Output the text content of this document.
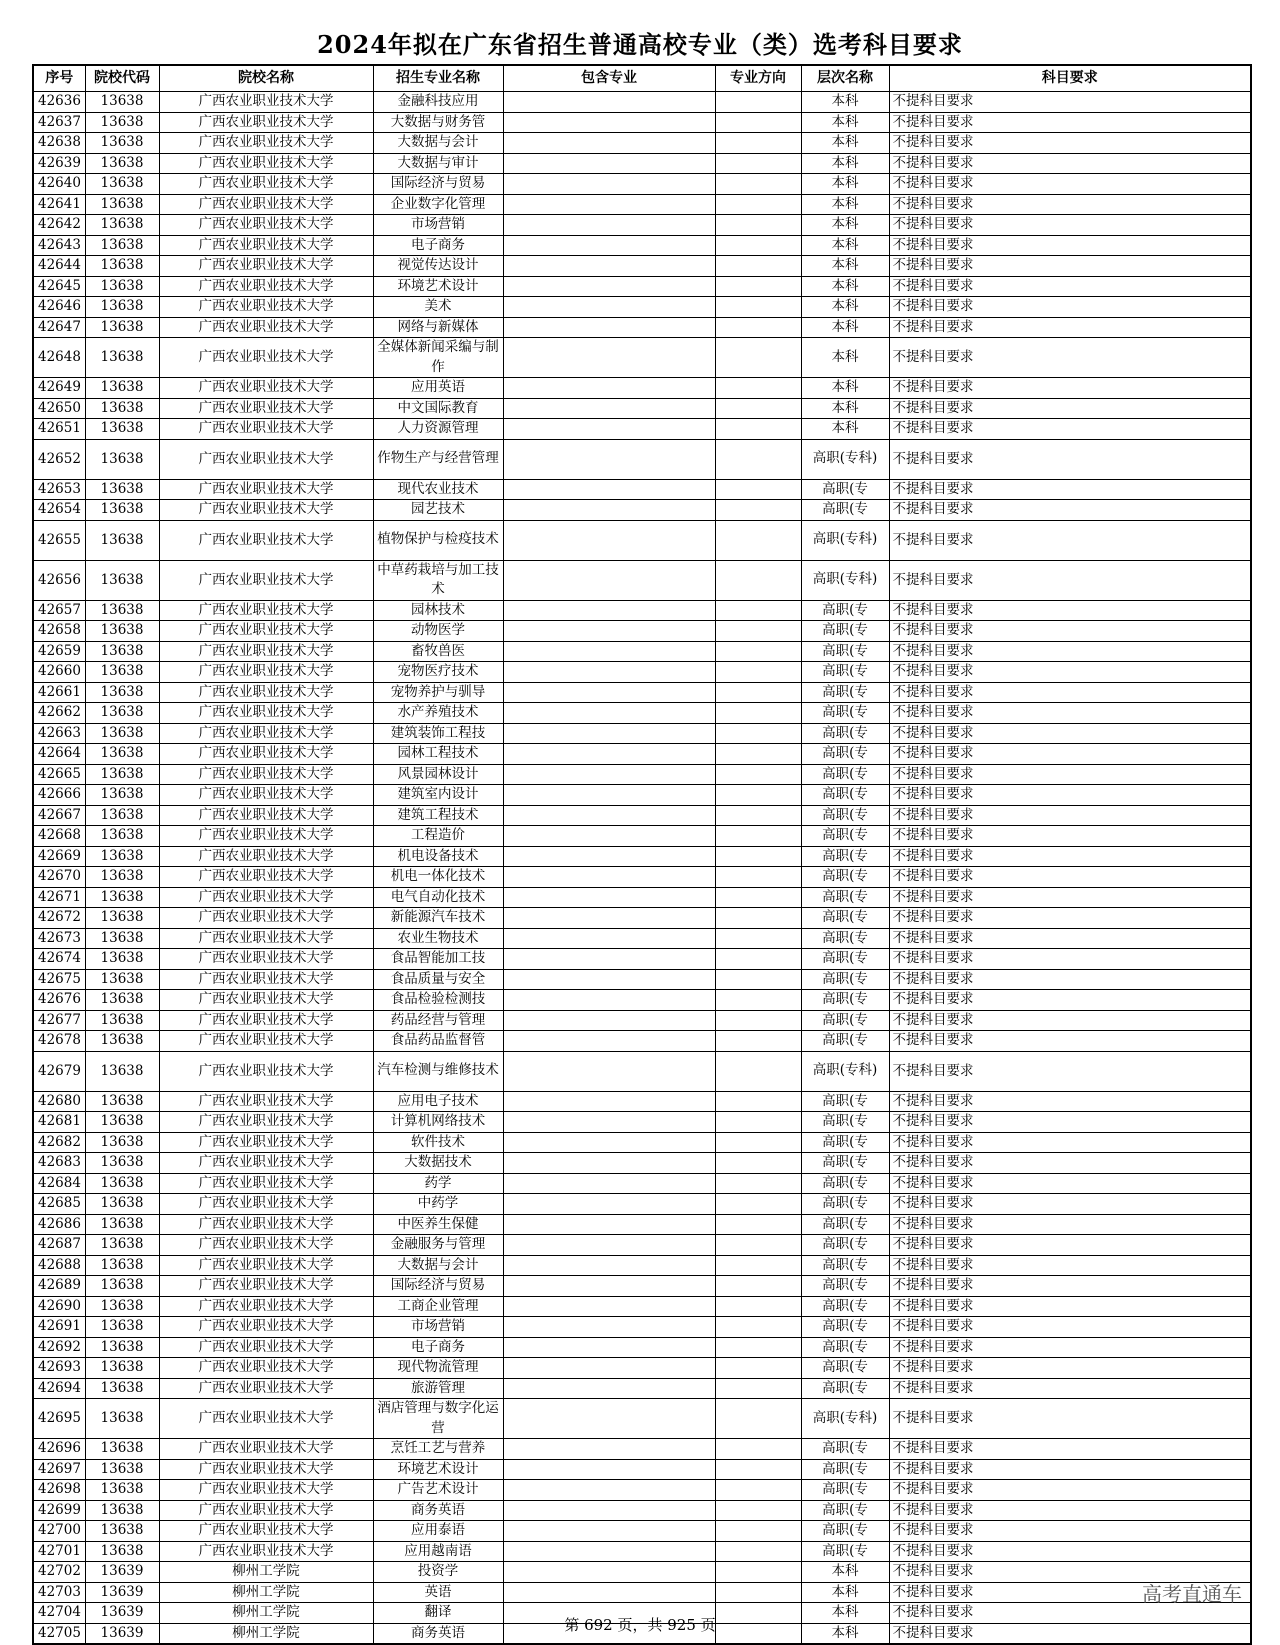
2024年拟在广东省招生普通高校专业（类）选考科目要求
序号	院校代码	院校名称	招生专业名称	包含专业	专业方向	层次名称	科目要求
42636	13638	广西农业职业技术大学	金融科技应用			本科	不提科目要求
42637	13638	广西农业职业技术大学	大数据与财务管			本科	不提科目要求
42638	13638	广西农业职业技术大学	大数据与会计			本科	不提科目要求
42639	13638	广西农业职业技术大学	大数据与审计			本科	不提科目要求
42640	13638	广西农业职业技术大学	国际经济与贸易			本科	不提科目要求
42641	13638	广西农业职业技术大学	企业数字化管理			本科	不提科目要求
42642	13638	广西农业职业技术大学	市场营销			本科	不提科目要求
42643	13638	广西农业职业技术大学	电子商务			本科	不提科目要求
42644	13638	广西农业职业技术大学	视觉传达设计			本科	不提科目要求
42645	13638	广西农业职业技术大学	环境艺术设计			本科	不提科目要求
42646	13638	广西农业职业技术大学	美术			本科	不提科目要求
42647	13638	广西农业职业技术大学	网络与新媒体			本科	不提科目要求
42648	13638	广西农业职业技术大学	全媒体新闻采编与制作			本科	不提科目要求
42649	13638	广西农业职业技术大学	应用英语			本科	不提科目要求
42650	13638	广西农业职业技术大学	中文国际教育			本科	不提科目要求
42651	13638	广西农业职业技术大学	人力资源管理			本科	不提科目要求
42652	13638	广西农业职业技术大学	作物生产与经营管理			高职(专科)	不提科目要求
42653	13638	广西农业职业技术大学	现代农业技术			高职(专	不提科目要求
42654	13638	广西农业职业技术大学	园艺技术			高职(专	不提科目要求
42655	13638	广西农业职业技术大学	植物保护与检疫技术			高职(专科)	不提科目要求
42656	13638	广西农业职业技术大学	中草药栽培与加工技术			高职(专科)	不提科目要求
42657	13638	广西农业职业技术大学	园林技术			高职(专	不提科目要求
42658	13638	广西农业职业技术大学	动物医学			高职(专	不提科目要求
42659	13638	广西农业职业技术大学	畜牧兽医			高职(专	不提科目要求
42660	13638	广西农业职业技术大学	宠物医疗技术			高职(专	不提科目要求
42661	13638	广西农业职业技术大学	宠物养护与驯导			高职(专	不提科目要求
42662	13638	广西农业职业技术大学	水产养殖技术			高职(专	不提科目要求
42663	13638	广西农业职业技术大学	建筑装饰工程技			高职(专	不提科目要求
42664	13638	广西农业职业技术大学	园林工程技术			高职(专	不提科目要求
42665	13638	广西农业职业技术大学	风景园林设计			高职(专	不提科目要求
42666	13638	广西农业职业技术大学	建筑室内设计			高职(专	不提科目要求
42667	13638	广西农业职业技术大学	建筑工程技术			高职(专	不提科目要求
42668	13638	广西农业职业技术大学	工程造价			高职(专	不提科目要求
42669	13638	广西农业职业技术大学	机电设备技术			高职(专	不提科目要求
42670	13638	广西农业职业技术大学	机电一体化技术			高职(专	不提科目要求
42671	13638	广西农业职业技术大学	电气自动化技术			高职(专	不提科目要求
42672	13638	广西农业职业技术大学	新能源汽车技术			高职(专	不提科目要求
42673	13638	广西农业职业技术大学	农业生物技术			高职(专	不提科目要求
42674	13638	广西农业职业技术大学	食品智能加工技			高职(专	不提科目要求
42675	13638	广西农业职业技术大学	食品质量与安全			高职(专	不提科目要求
42676	13638	广西农业职业技术大学	食品检验检测技			高职(专	不提科目要求
42677	13638	广西农业职业技术大学	药品经营与管理			高职(专	不提科目要求
42678	13638	广西农业职业技术大学	食品药品监督管			高职(专	不提科目要求
42679	13638	广西农业职业技术大学	汽车检测与维修技术			高职(专科)	不提科目要求
42680	13638	广西农业职业技术大学	应用电子技术			高职(专	不提科目要求
42681	13638	广西农业职业技术大学	计算机网络技术			高职(专	不提科目要求
42682	13638	广西农业职业技术大学	软件技术			高职(专	不提科目要求
42683	13638	广西农业职业技术大学	大数据技术			高职(专	不提科目要求
42684	13638	广西农业职业技术大学	药学			高职(专	不提科目要求
42685	13638	广西农业职业技术大学	中药学			高职(专	不提科目要求
42686	13638	广西农业职业技术大学	中医养生保健			高职(专	不提科目要求
42687	13638	广西农业职业技术大学	金融服务与管理			高职(专	不提科目要求
42688	13638	广西农业职业技术大学	大数据与会计			高职(专	不提科目要求
42689	13638	广西农业职业技术大学	国际经济与贸易			高职(专	不提科目要求
42690	13638	广西农业职业技术大学	工商企业管理			高职(专	不提科目要求
42691	13638	广西农业职业技术大学	市场营销			高职(专	不提科目要求
42692	13638	广西农业职业技术大学	电子商务			高职(专	不提科目要求
42693	13638	广西农业职业技术大学	现代物流管理			高职(专	不提科目要求
42694	13638	广西农业职业技术大学	旅游管理			高职(专	不提科目要求
42695	13638	广西农业职业技术大学	酒店管理与数字化运营			高职(专科)	不提科目要求
42696	13638	广西农业职业技术大学	烹饪工艺与营养			高职(专	不提科目要求
42697	13638	广西农业职业技术大学	环境艺术设计			高职(专	不提科目要求
42698	13638	广西农业职业技术大学	广告艺术设计			高职(专	不提科目要求
42699	13638	广西农业职业技术大学	商务英语			高职(专	不提科目要求
42700	13638	广西农业职业技术大学	应用泰语			高职(专	不提科目要求
42701	13638	广西农业职业技术大学	应用越南语			高职(专	不提科目要求
42702	13639	柳州工学院	投资学			本科	不提科目要求
42703	13639	柳州工学院	英语			本科	不提科目要求
42704	13639	柳州工学院	翻译			本科	不提科目要求
42705	13639	柳州工学院	商务英语			本科	不提科目要求
高考直通车
第 692 页，共 925 页
